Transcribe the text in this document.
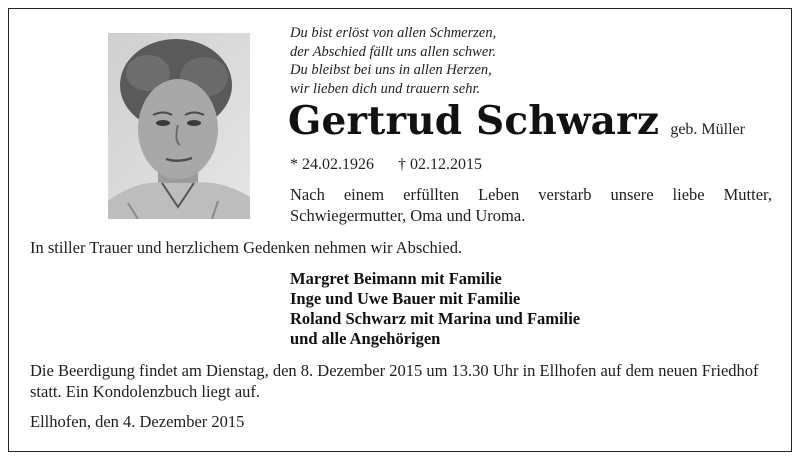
Du bist erlöst von allen Schmerzen,
der Abschied fällt uns allen schwer.
Du bleibst bei uns in allen Herzen,
wir lieben dich und trauern sehr.
Gertrud Schwarz geb. Müller
* 24.02.1926 † 02.12.2015
Nach einem erfüllten Leben verstarb unsere liebe Mutter, Schwiegermutter, Oma und Uroma.
In stiller Trauer und herzlichem Gedenken nehmen wir Abschied.
Margret Beimann mit Familie
Inge und Uwe Bauer mit Familie
Roland Schwarz mit Marina und Familie
und alle Angehörigen
Die Beerdigung findet am Dienstag, den 8. Dezember 2015 um 13.30 Uhr in Ellhofen auf dem neuen Friedhof statt. Ein Kondolenzbuch liegt auf.
Ellhofen, den 4. Dezember 2015
